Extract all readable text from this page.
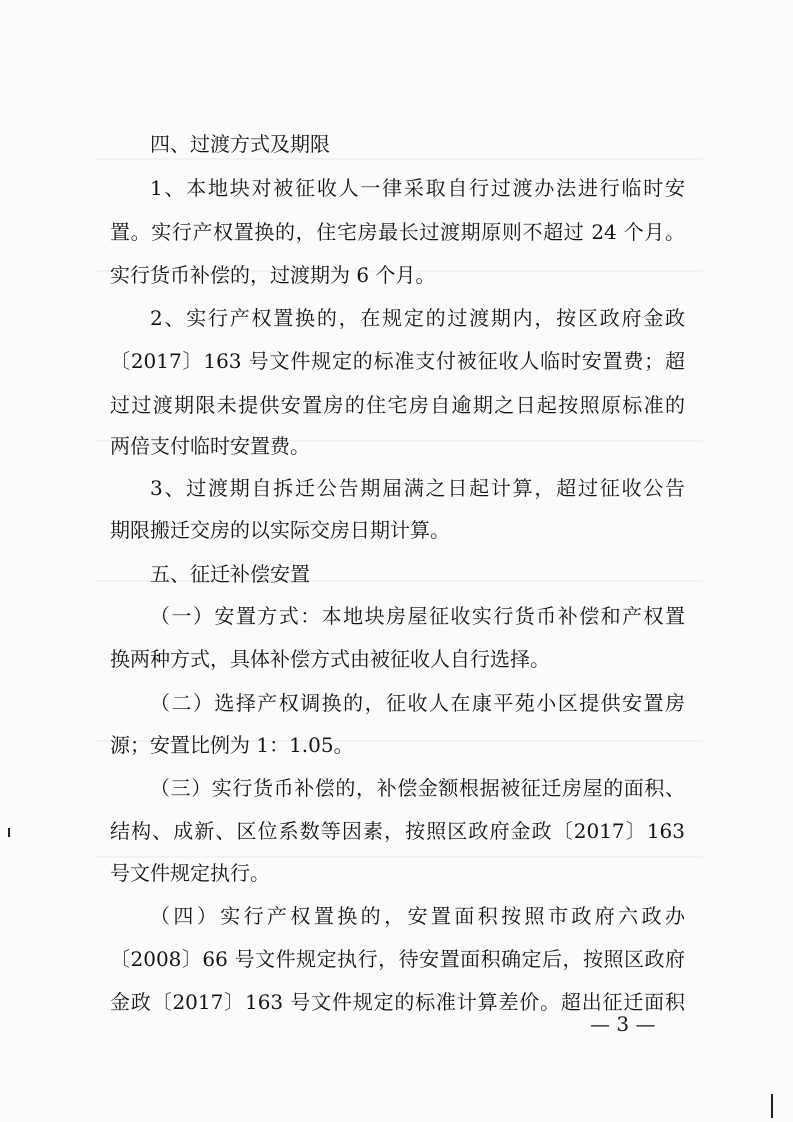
四、过渡方式及期限
1、本地块对被征收人一律采取自行过渡办法进行临时安
置。实行产权置换的，住宅房最长过渡期原则不超过 24 个月。
实行货币补偿的，过渡期为 6 个月。
2、实行产权置换的，在规定的过渡期内，按区政府金政
〔2017〕163 号文件规定的标准支付被征收人临时安置费；超
过过渡期限未提供安置房的住宅房自逾期之日起按照原标准的
两倍支付临时安置费。
3、过渡期自拆迁公告期届满之日起计算，超过征收公告
期限搬迁交房的以实际交房日期计算。
五、征迁补偿安置
（一）安置方式：本地块房屋征收实行货币补偿和产权置
换两种方式，具体补偿方式由被征收人自行选择。
（二）选择产权调换的，征收人在康平苑小区提供安置房
源；安置比例为 1：1.05。
（三）实行货币补偿的，补偿金额根据被征迁房屋的面积、
结构、成新、区位系数等因素，按照区政府金政〔2017〕163
号文件规定执行。
（四）实行产权置换的，安置面积按照市政府六政办
〔2008〕66 号文件规定执行，待安置面积确定后，按照区政府
金政〔2017〕163 号文件规定的标准计算差价。超出征迁面积
— 3 —
